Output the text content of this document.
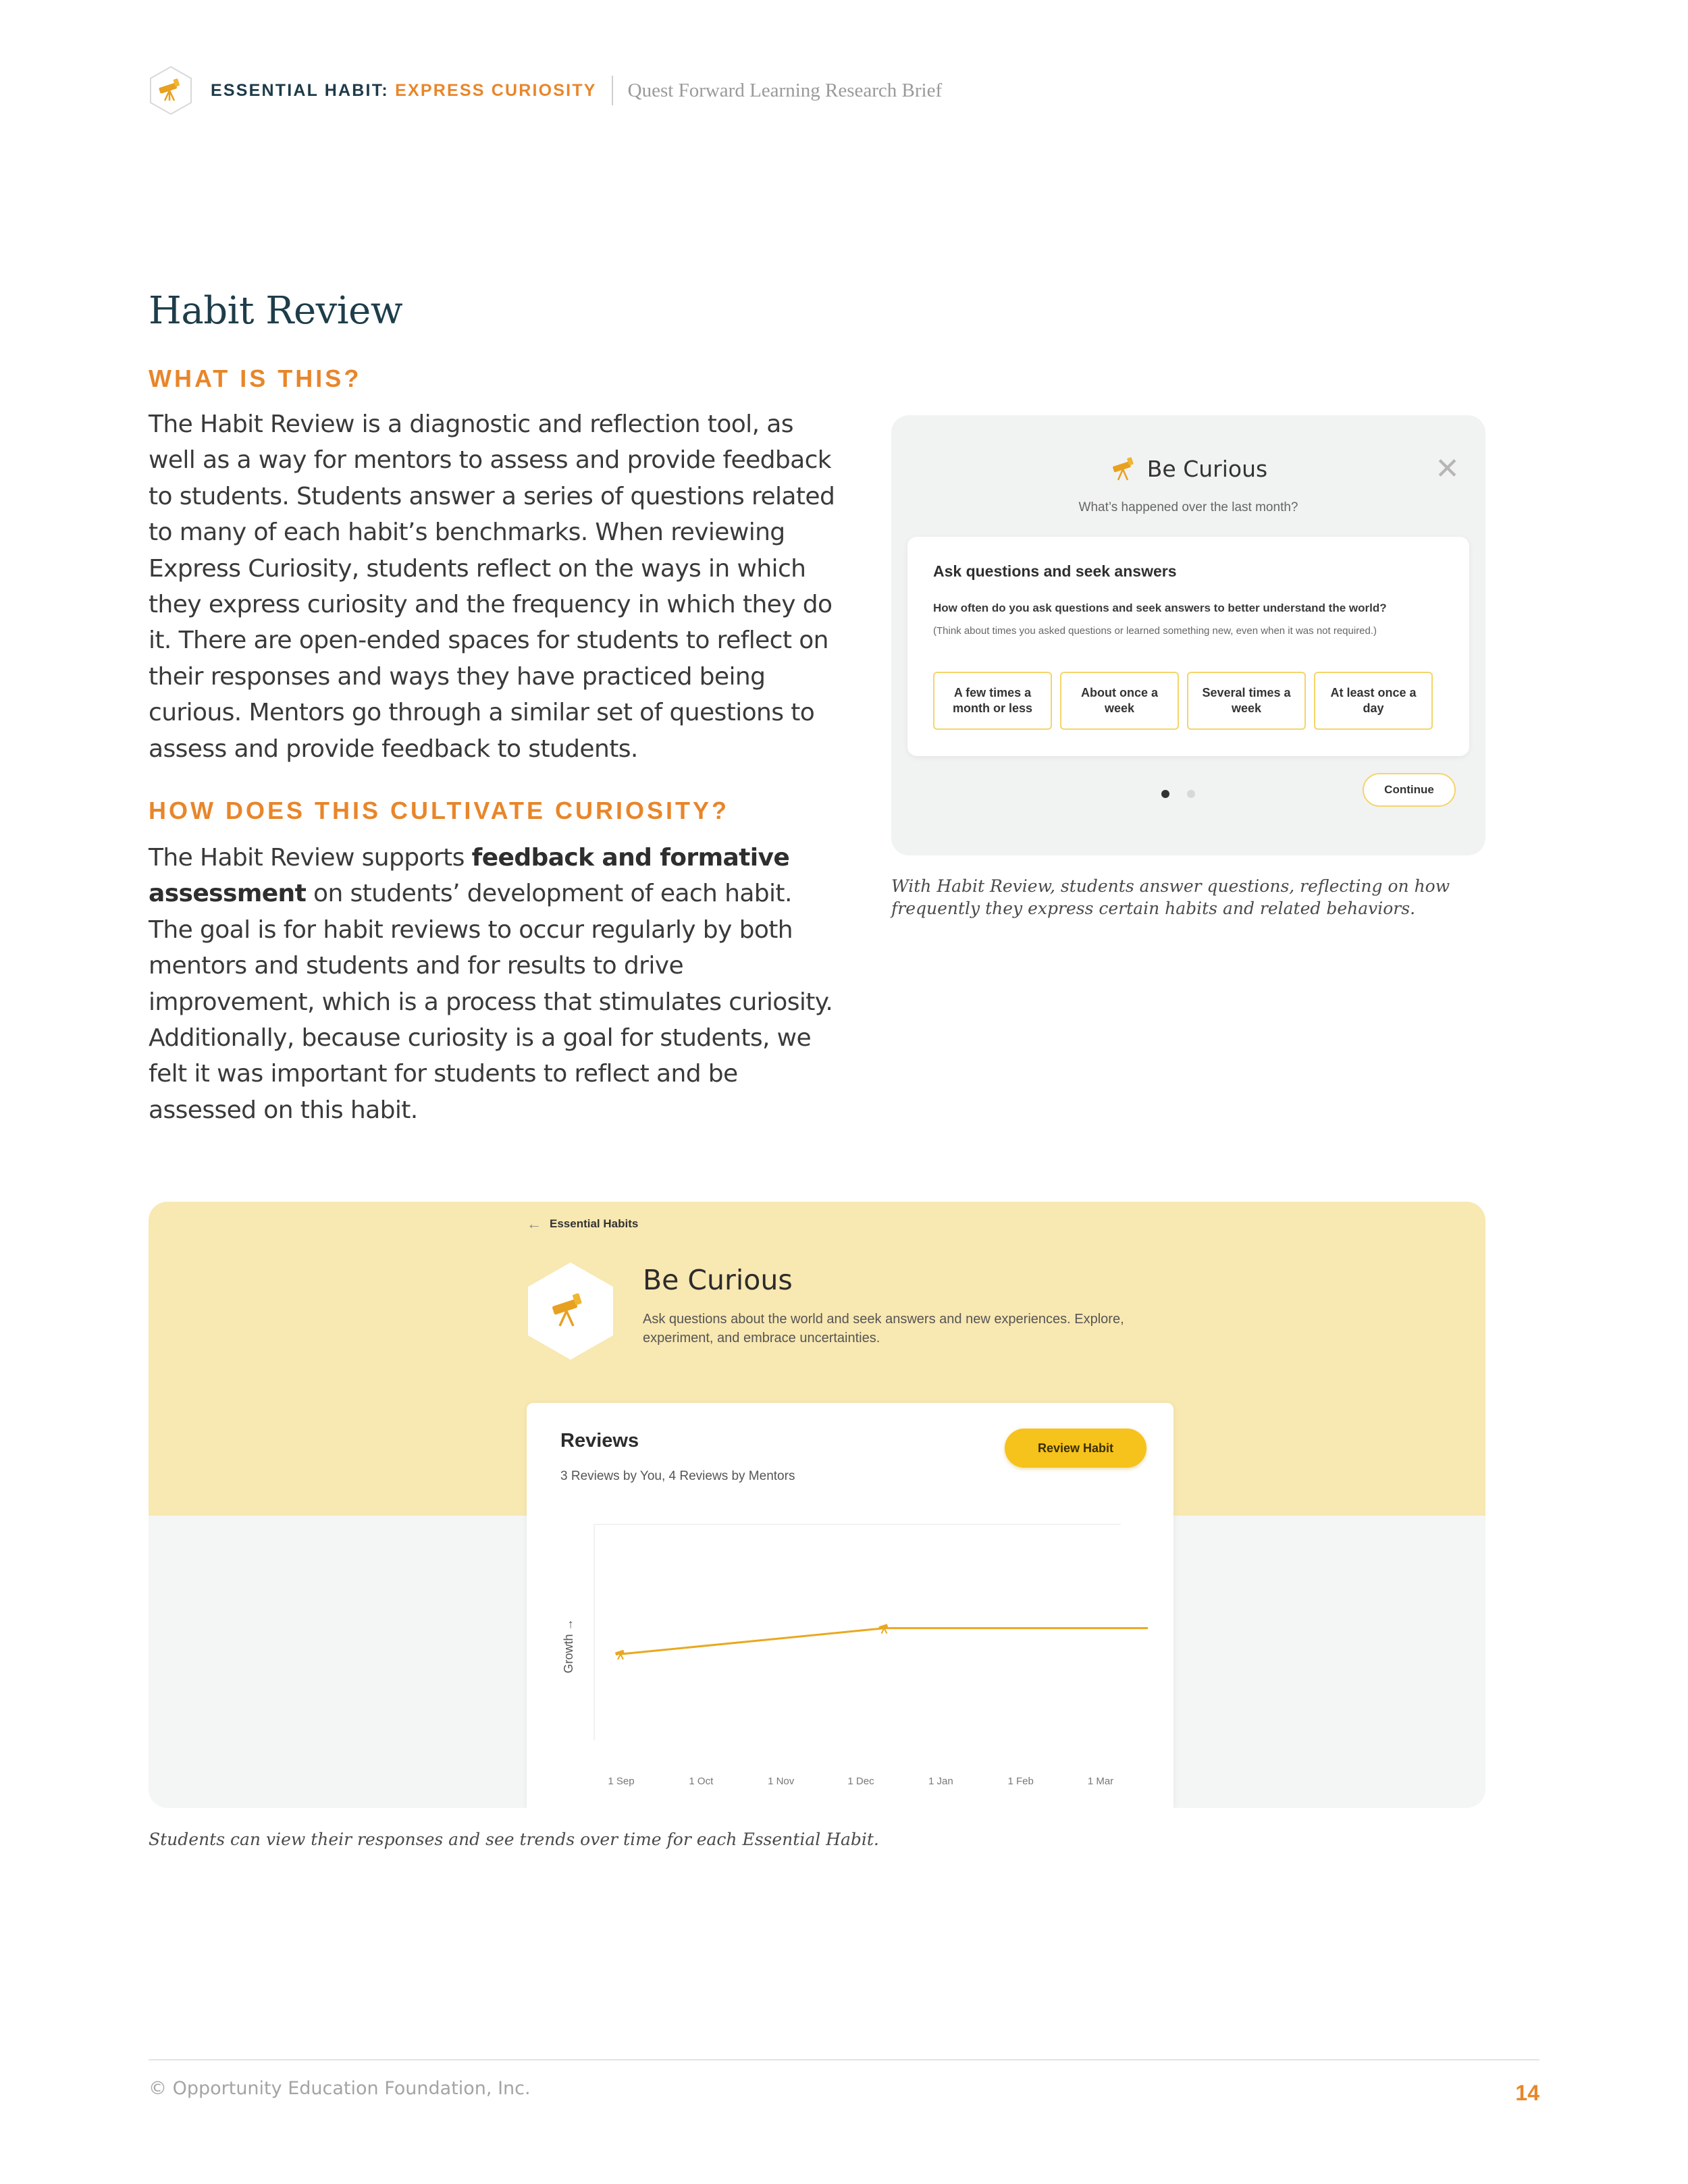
ESSENTIAL HABIT: EXPRESS CURIOSITY Quest Forward Learning Research Brief
Habit Review
WHAT IS THIS?
The Habit Review is a diagnostic and reflection tool, as well as a way for mentors to assess and provide feedback to students. Students answer a series of questions related to many of each habit’s benchmarks. When reviewing Express Curiosity, students reflect on the ways in which they express curiosity and the frequency in which they do it. There are open-ended spaces for students to reflect on their responses and ways they have practiced being curious. Mentors go through a similar set of questions to assess and provide feedback to students.
HOW DOES THIS CULTIVATE CURIOSITY?
The Habit Review supports feedback and formative assessment on students’ development of each habit. The goal is for habit reviews to occur regularly by both mentors and students and for results to drive improvement, which is a process that stimulates curiosity. Additionally, because curiosity is a goal for students, we felt it was important for students to reflect and be assessed on this habit.
Be Curious	✕
What’s happened over the last month?
Ask questions and seek answers
How often do you ask questions and seek answers to better understand the world?
(Think about times you asked questions or learned something new, even when it was not required.)
A few times a month or less
About once a week
Several times a week
At least once a day
Continue
With Habit Review, students answer questions, reflecting on how frequently they express certain habits and related behaviors.
← Essential Habits
Be Curious
Ask questions about the world and seek answers and new experiences. Explore, experiment, and embrace uncertainties.
Reviews
3 Reviews by You, 4 Reviews by Mentors
Review Habit
Growth →
1 Sep	1 Oct	1 Nov	1 Dec	1 Jan	1 Feb	1 Mar
Students can view their responses and see trends over time for each Essential Habit.
© Opportunity Education Foundation, Inc.	14
